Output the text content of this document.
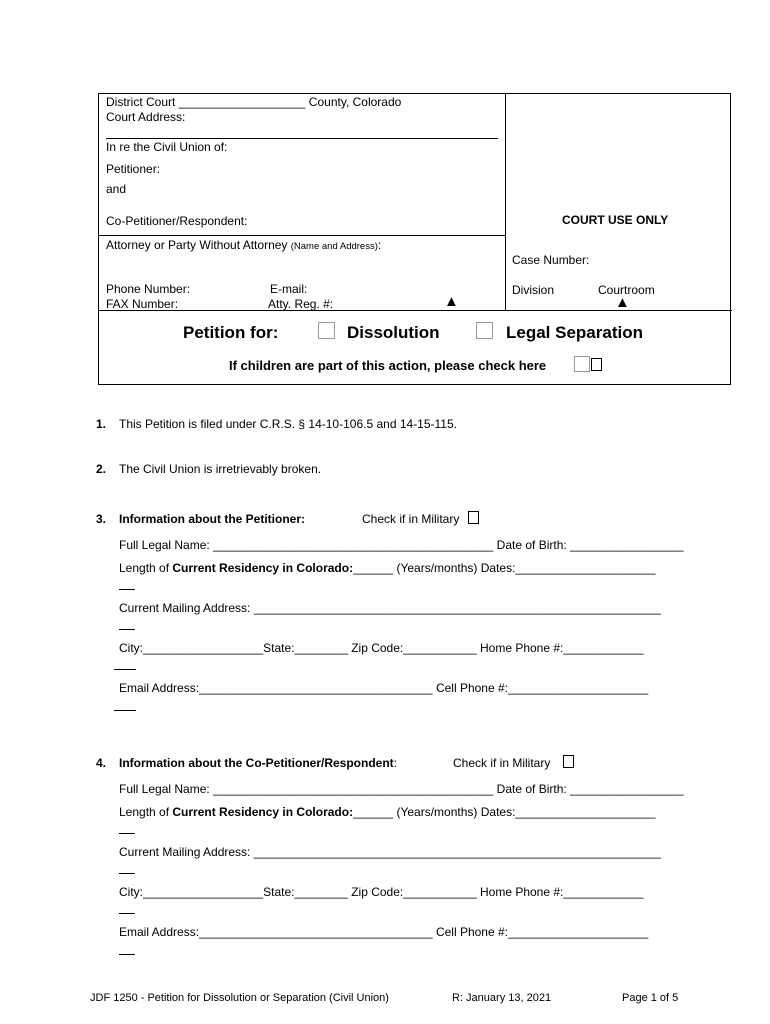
District Court ___________________ County, Colorado
Court Address:
In re the Civil Union of:
Petitioner:
and
Co-Petitioner/Respondent:	COURT USE ONLY
Attorney or Party Without Attorney (Name and Address):
Case Number:
Phone Number:	E-mail:
FAX Number:	Atty. Reg. #:	▲
Division	Courtroom
▲
Petition for:	Dissolution	Legal Separation
If children are part of this action, please check here
1. This Petition is filed under C.R.S. § 14-10-106.5 and 14-15-115.
2. The Civil Union is irretrievably broken.
3. Information about the Petitioner:	Check if in Military
Full Legal Name: __________________________________________ Date of Birth: _________________
Length of Current Residency in Colorado:______ (Years/months) Dates:_____________________
Current Mailing Address: _____________________________________________________________
City:__________________State:________ Zip Code:___________ Home Phone #:____________
Email Address:___________________________________ Cell Phone #:_____________________
4. Information about the Co-Petitioner/Respondent:	Check if in Military
Full Legal Name: __________________________________________ Date of Birth: _________________
Length of Current Residency in Colorado:______ (Years/months) Dates:_____________________
Current Mailing Address: _____________________________________________________________
City:__________________State:________ Zip Code:___________ Home Phone #:____________
Email Address:___________________________________ Cell Phone #:_____________________
JDF 1250 - Petition for Dissolution or Separation (Civil Union)	R: January 13, 2021	Page 1 of 5
